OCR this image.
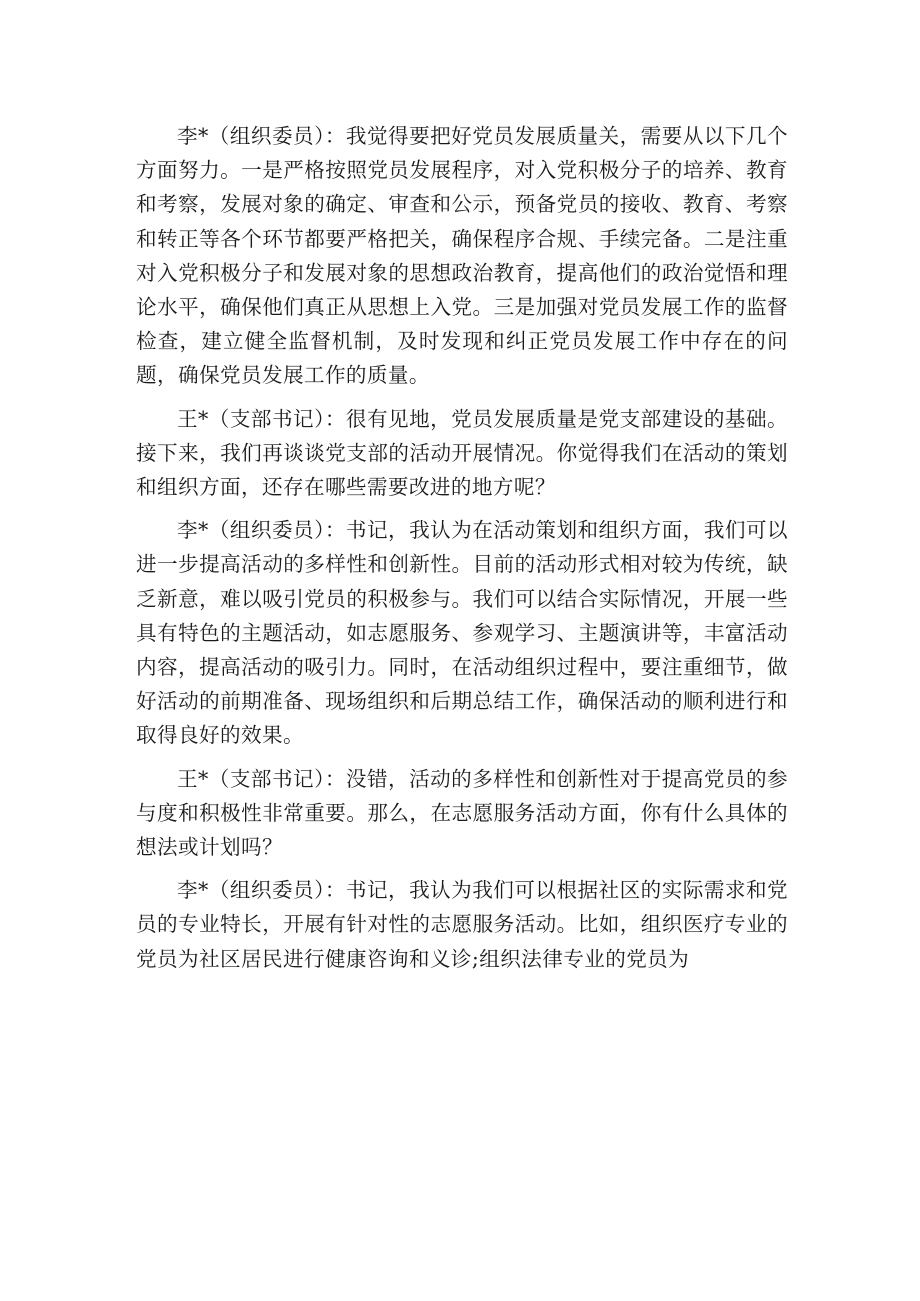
李*（组织委员）：我觉得要把好党员发展质量关，需要从以下几个方面努力。一是严格按照党员发展程序，对入党积极分子的培养、教育和考察，发展对象的确定、审查和公示，预备党员的接收、教育、考察和转正等各个环节都要严格把关，确保程序合规、手续完备。二是注重对入党积极分子和发展对象的思想政治教育，提高他们的政治觉悟和理论水平，确保他们真正从思想上入党。三是加强对党员发展工作的监督检查，建立健全监督机制，及时发现和纠正党员发展工作中存在的问题，确保党员发展工作的质量。

王*（支部书记）：很有见地，党员发展质量是党支部建设的基础。接下来，我们再谈谈党支部的活动开展情况。你觉得我们在活动的策划和组织方面，还存在哪些需要改进的地方呢？

李*（组织委员）：书记，我认为在活动策划和组织方面，我们可以进一步提高活动的多样性和创新性。目前的活动形式相对较为传统，缺乏新意，难以吸引党员的积极参与。我们可以结合实际情况，开展一些具有特色的主题活动，如志愿服务、参观学习、主题演讲等，丰富活动内容，提高活动的吸引力。同时，在活动组织过程中，要注重细节，做好活动的前期准备、现场组织和后期总结工作，确保活动的顺利进行和取得良好的效果。

王*（支部书记）：没错，活动的多样性和创新性对于提高党员的参与度和积极性非常重要。那么，在志愿服务活动方面，你有什么具体的想法或计划吗？

李*（组织委员）：书记，我认为我们可以根据社区的实际需求和党员的专业特长，开展有针对性的志愿服务活动。比如，组织医疗专业的党员为社区居民进行健康咨询和义诊;组织法律专业的党员为
